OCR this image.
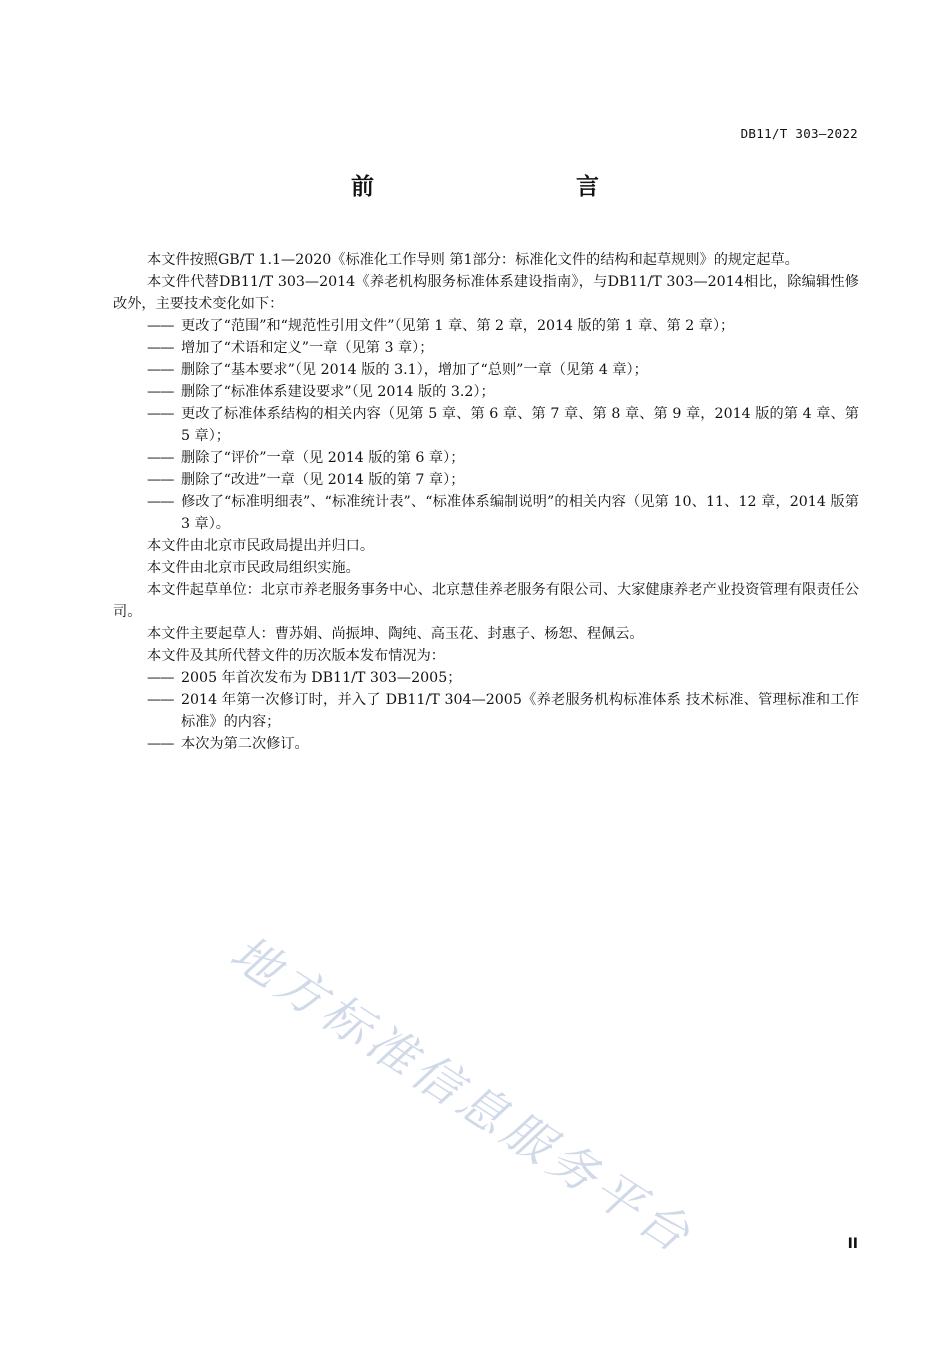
DB11/T 303—2022
前　　言

本文件按照GB/T 1.1—2020《标准化工作导则 第1部分：标准化文件的结构和起草规则》的规定起草。

本文件代替DB11/T 303—2014《养老机构服务标准体系建设指南》，与DB11/T 303—2014相比，除编辑性修改外，主要技术变化如下：

—— 更改了“范围”和“规范性引用文件”（见第 1 章、第 2 章，2014 版的第 1 章、第 2 章）；

—— 增加了“术语和定义”一章（见第 3 章）；

—— 删除了“基本要求”（见 2014 版的 3.1），增加了“总则”一章（见第 4 章）；

—— 删除了“标准体系建设要求”（见 2014 版的 3.2）；

—— 更改了标准体系结构的相关内容（见第 5 章、第 6 章、第 7 章、第 8 章、第 9 章，2014 版的第 4 章、第 5 章）；

—— 删除了“评价”一章（见 2014 版的第 6 章）；

—— 删除了“改进”一章（见 2014 版的第 7 章）；

—— 修改了“标准明细表”、“标准统计表”、“标准体系编制说明”的相关内容（见第 10、11、12 章，2014 版第 3 章）。

本文件由北京市民政局提出并归口。

本文件由北京市民政局组织实施。

本文件起草单位：北京市养老服务事务中心、北京慧佳养老服务有限公司、大家健康养老产业投资管理有限责任公司。

本文件主要起草人：曹苏娟、尚振坤、陶纯、高玉花、封惠子、杨恕、程佩云。

本文件及其所代替文件的历次版本发布情况为：

—— 2005 年首次发布为 DB11/T 303—2005；

—— 2014 年第一次修订时，并入了 DB11/T 304—2005《养老服务机构标准体系 技术标准、管理标准和工作标准》的内容；

—— 本次为第二次修订。

地方标准信息服务平台	II
